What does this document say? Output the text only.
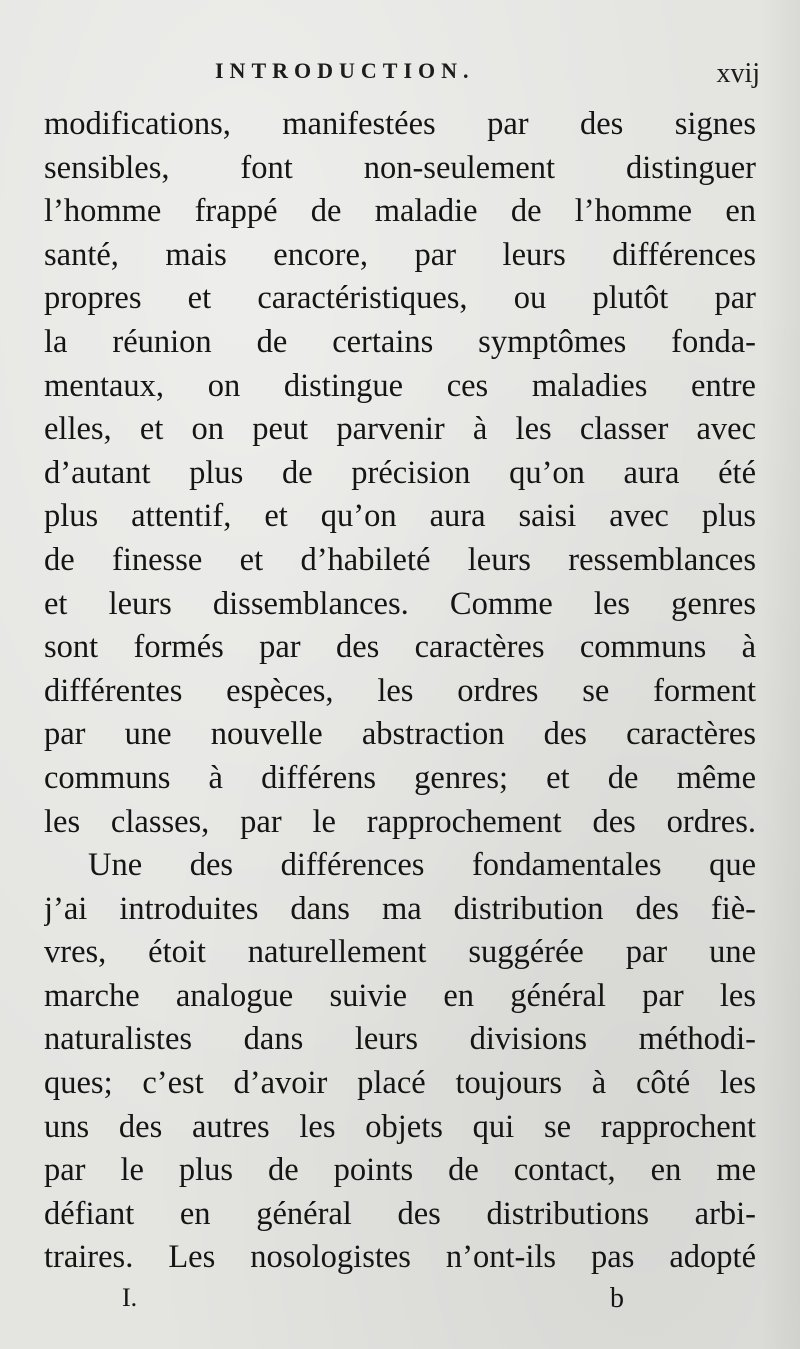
INTRODUCTION.	xvij
modifications, manifestées par des signes
sensibles, font non-seulement distinguer
l’homme frappé de maladie de l’homme en
santé, mais encore, par leurs différences
propres et caractéristiques, ou plutôt par
la réunion de certains symptômes fonda-
mentaux, on distingue ces maladies entre
elles, et on peut parvenir à les classer avec
d’autant plus de précision qu’on aura été
plus attentif, et qu’on aura saisi avec plus
de finesse et d’habileté leurs ressemblances
et leurs dissemblances. Comme les genres
sont formés par des caractères communs à
différentes espèces, les ordres se forment
par une nouvelle abstraction des caractères
communs à différens genres; et de même
les classes, par le rapprochement des ordres.
Une des différences fondamentales que
j’ai introduites dans ma distribution des fiè-
vres, étoit naturellement suggérée par une
marche analogue suivie en général par les
naturalistes dans leurs divisions méthodi-
ques; c’est d’avoir placé toujours à côté les
uns des autres les objets qui se rapprochent
par le plus de points de contact, en me
défiant en général des distributions arbi-
traires. Les nosologistes n’ont-ils pas adopté
I.	b
